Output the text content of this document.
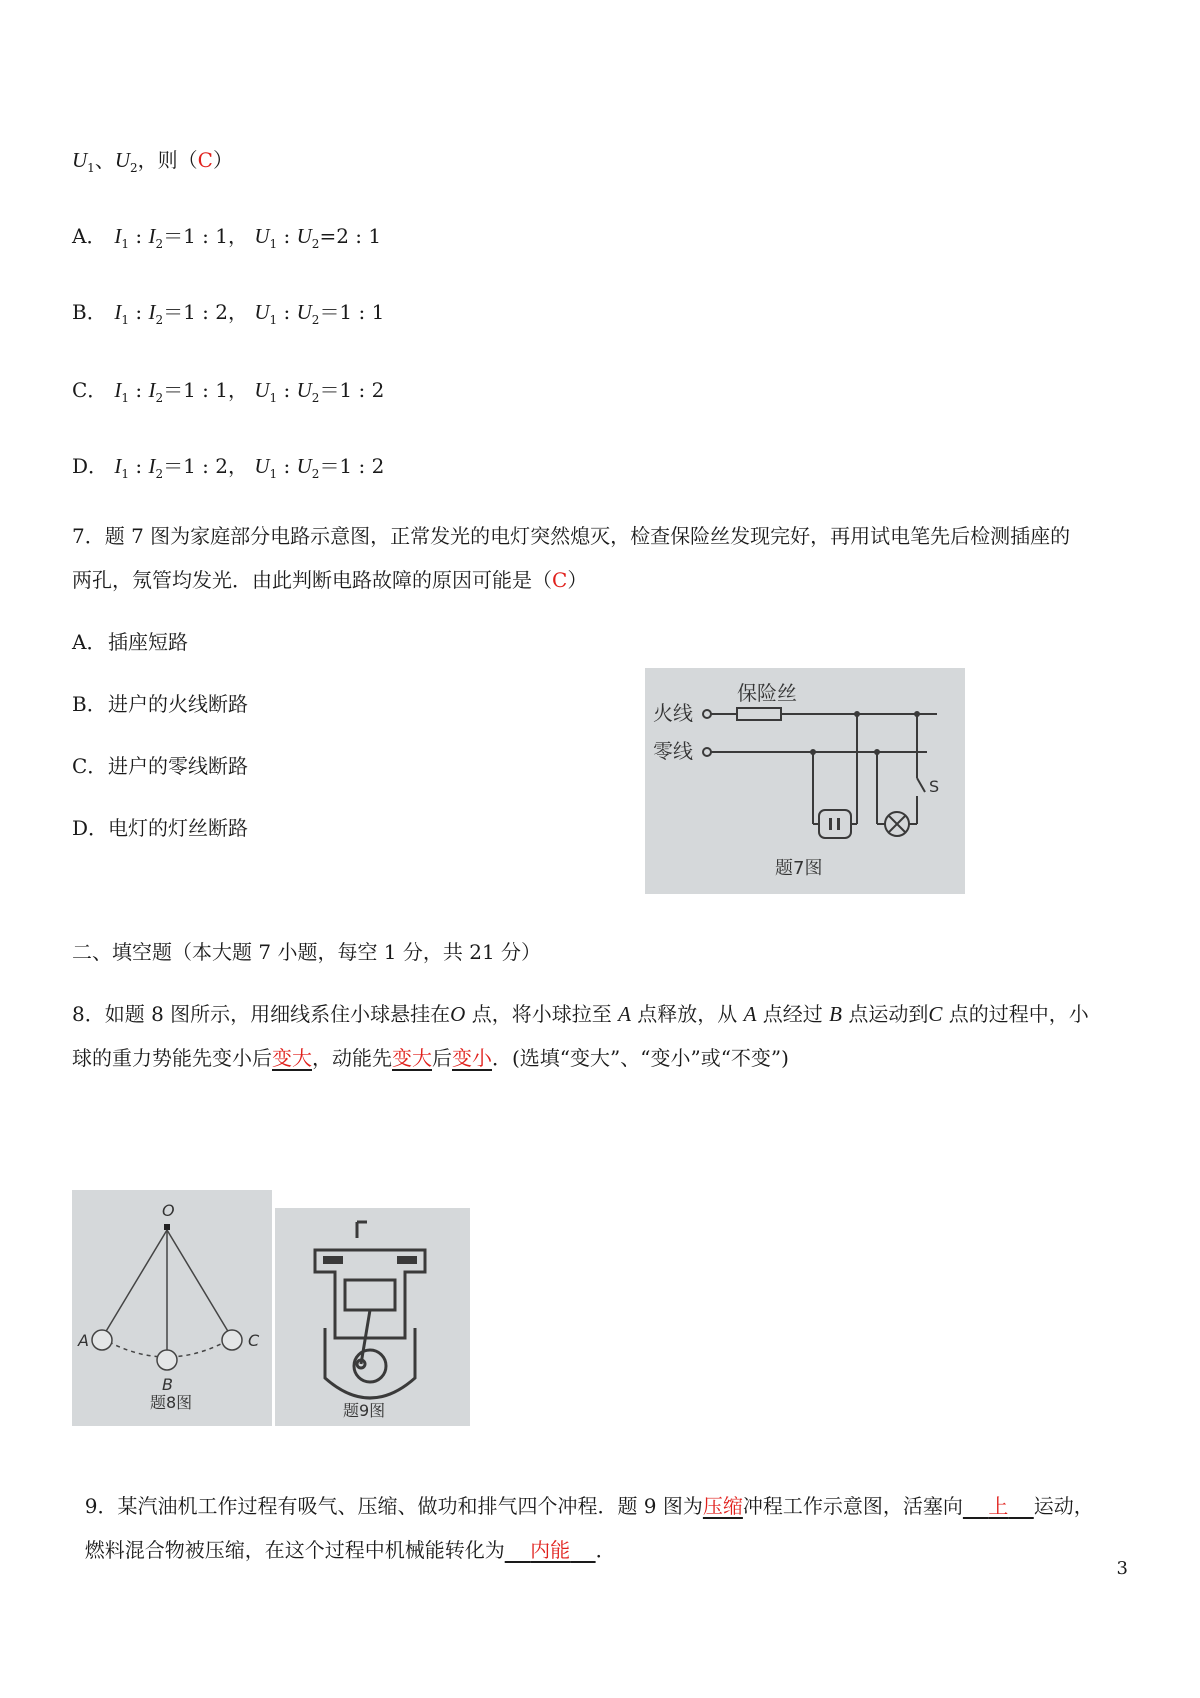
$U_1$、$U_2$，则（C）
A． $I_1$ : $I_2=1$ : 1， $U_1$ : $U_2=2$ : 1
B． $I_1$ : $I_2=1$ : 2， $U_1$ : $U_2=1$ : 1
C． $I_1$ : $I_2=1$ : 1， $U_1$ : $U_2=1$ : 2
D． $I_1$ : $I_2=1$ : 2， $U_1$ : $U_2=1$ : 2
7．题 7 图为家庭部分电路示意图，正常发光的电灯突然熄灭，检查保险丝发现完好，再用试电笔先后检测插座的
两孔，氖管均发光．由此判断电路故障的原因可能是（C）
A．插座短路
B．进户的火线断路
C．进户的零线断路
D．电灯的灯丝断路
保险丝
火线
零线
S
题7图
二、填空题（本大题 7 小题，每空 1 分，共 21 分）
8．如题 8 图所示，用细线系住小球悬挂在O 点，将小球拉至 A 点释放，从 A 点经过 B 点运动到C 点的过程中，小
球的重力势能先变小后变大，动能先变大后变小．(选填“变大”、“变小”或“不变”)
O
A
B
C
题8图	题9图

9．某汽油机工作过程有吸气、压缩、做功和排气四个冲程．题 9 图为压缩冲程工作示意图，活塞向 上 运动，

燃料混合物被压缩，在这个过程中机械能转化为 内能 ．

3
